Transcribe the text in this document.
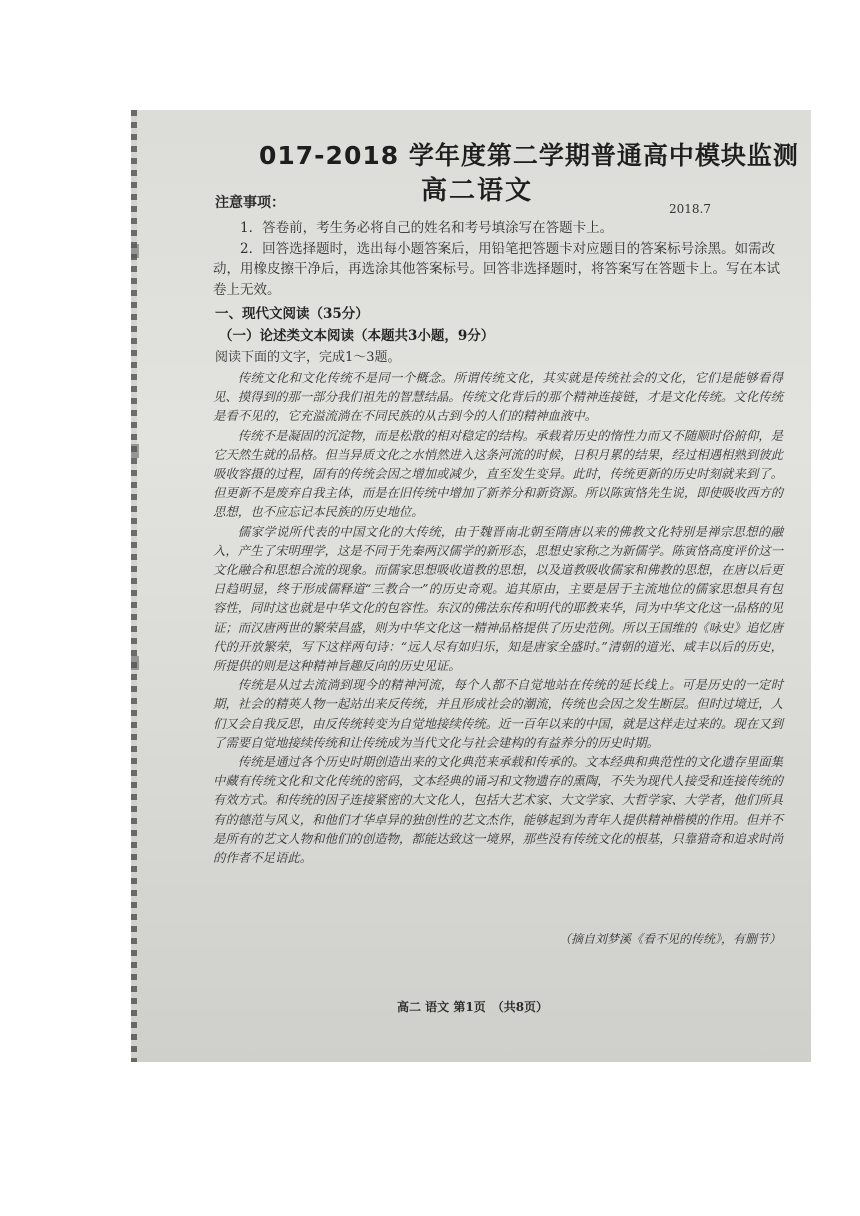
017-2018 学年度第二学期普通高中模块监测
高二语文
注意事项：	2018.7

1．答卷前，考生务必将自己的姓名和考号填涂写在答题卡上。

2．回答选择题时，选出每小题答案后，用铅笔把答题卡对应题目的答案标号涂黑。如需改动，用橡皮擦干净后，再选涂其他答案标号。回答非选择题时，将答案写在答题卡上。写在本试卷上无效。

一、现代文阅读（35分）
（一）论述类文本阅读（本题共3小题，9分）
阅读下面的文字，完成1～3题。

传统文化和文化传统不是同一个概念。所谓传统文化，其实就是传统社会的文化，它们是能够看得见、摸得到的那一部分我们祖先的智慧结晶。传统文化背后的那个精神连接链，才是文化传统。文化传统是看不见的，它充溢流淌在不同民族的从古到今的人们的精神血液中。

传统不是凝固的沉淀物，而是松散的相对稳定的结构。承载着历史的惰性力而又不随顺时俗俯仰，是它天然生就的品格。但当异质文化之水悄然进入这条河流的时候，日积月累的结果，经过相遇相熟到彼此吸收容摄的过程，固有的传统会因之增加或减少，直至发生变异。此时，传统更新的历史时刻就来到了。但更新不是废弃自我主体，而是在旧传统中增加了新养分和新资源。所以陈寅恪先生说，即使吸收西方的思想，也不应忘记本民族的历史地位。

儒家学说所代表的中国文化的大传统，由于魏晋南北朝至隋唐以来的佛教文化特别是禅宗思想的融入，产生了宋明理学，这是不同于先秦两汉儒学的新形态，思想史家称之为新儒学。陈寅恪高度评价这一文化融合和思想合流的现象。而儒家思想吸收道教的思想，以及道教吸收儒家和佛教的思想，在唐以后更日趋明显，终于形成儒释道“三教合一”的历史奇观。追其原由，主要是居于主流地位的儒家思想具有包容性，同时这也就是中华文化的包容性。东汉的佛法东传和明代的耶教来华，同为中华文化这一品格的见证；而汉唐两世的繁荣昌盛，则为中华文化这一精神品格提供了历史范例。所以王国维的《咏史》追忆唐代的开放繁荣，写下这样两句诗：“远人尽有如归乐，知是唐家全盛时。”清朝的道光、咸丰以后的历史，所提供的则是这种精神旨趣反向的历史见证。

传统是从过去流淌到现今的精神河流，每个人都不自觉地站在传统的延长线上。可是历史的一定时期，社会的精英人物一起站出来反传统，并且形成社会的潮流，传统也会因之发生断层。但时过境迁，人们又会自我反思，由反传统转变为自觉地接续传统。近一百年以来的中国，就是这样走过来的。现在又到了需要自觉地接续传统和让传统成为当代文化与社会建构的有益养分的历史时期。

传统是通过各个历史时期创造出来的文化典范来承载和传承的。文本经典和典范性的文化遗存里面集中藏有传统文化和文化传统的密码，文本经典的诵习和文物遗存的熏陶，不失为现代人接受和连接传统的有效方式。和传统的因子连接紧密的大文化人，包括大艺术家、大文学家、大哲学家、大学者，他们所具有的德范与风义，和他们才华卓异的独创性的艺文杰作，能够起到为青年人提供精神楷模的作用。但并不是所有的艺文人物和他们的创造物，都能达致这一境界，那些没有传统文化的根基，只靠猎奇和追求时尚的作者不足语此。

（摘自刘梦溪《看不见的传统》，有删节）
高二 语文 第1页　（共8页）
